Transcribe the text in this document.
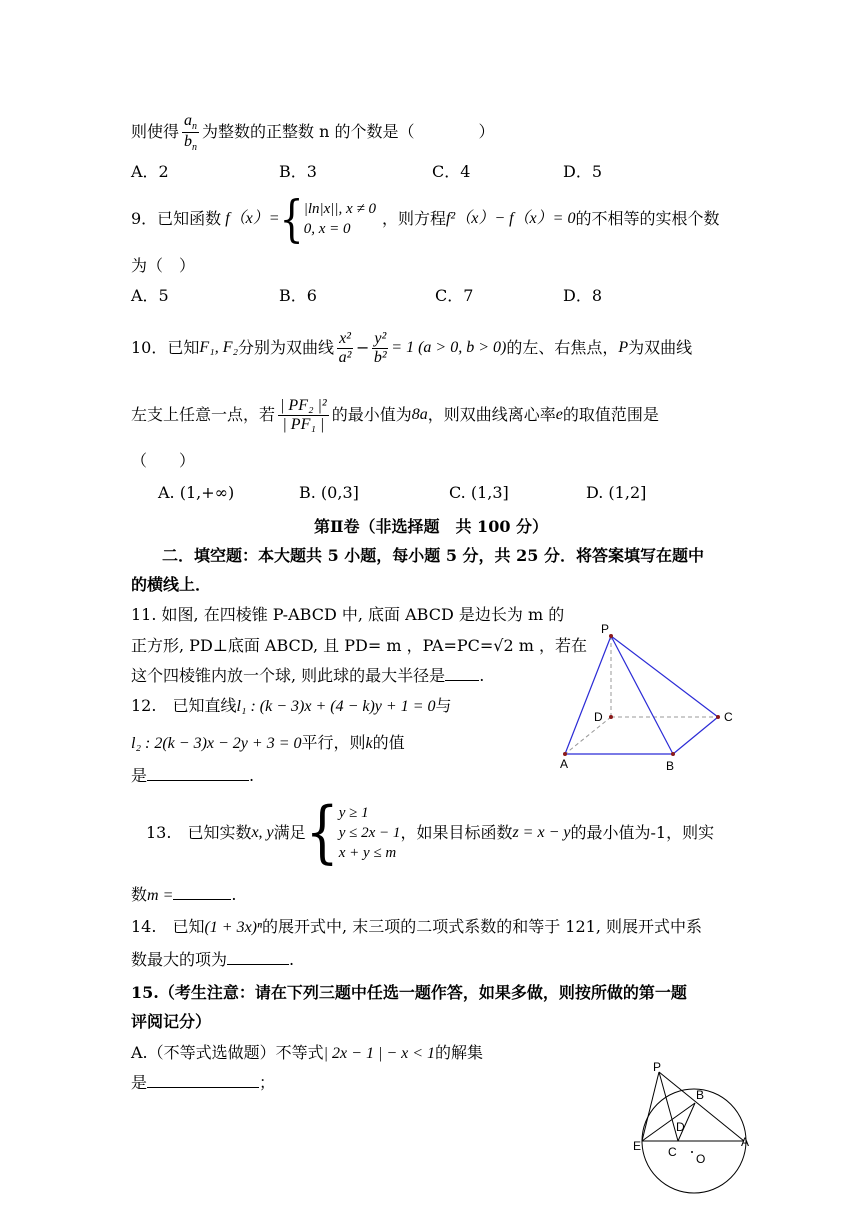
则使得 $\frac{a_n}{b_n}$ 为整数的正整数 n 的个数是（　　　　）
A．2	B．3	C．4	D．5
9．已知函数 f（x）= { |ln|x||, x ≠ 0
0, x = 0
，则方程 f²（x）− f（x）= 0 的不相等的实根个数
为（　）
A．5	B．6	C．7	D．8
10．已知 F₁, F₂ 分别为双曲线 $\frac{\text{x²}}{\text{a²}} - \frac{\text{y²}}{\text{b²}} = 1$ (a > 0, b > 0) 的左、右焦点， P 为双曲线
左支上任意一点，若 $\frac{\text{| PF₂ |²}}{\text{| PF₁ |}}$ 的最小值为 8a ，则双曲线离心率 e 的取值范围是
（　　）
A. (1,+∞)	B. (0,3]	C. (1,3]	D. (1,2]
第Ⅱ卷（非选择题　共 100 分）
二．填空题：本大题共 5 小题，每小题 5 分，共 25 分．将答案填写在题中
的横线上．
11. 如图, 在四棱锥 P-ABCD 中, 底面 ABCD 是边长为 m 的
正方形, PD⊥底面 ABCD, 且 PD= m ，PA=PC=√2 m ，若在
这个四棱锥内放一个球, 则此球的最大半径是 .
12.　已知直线l₁ : (k − 3)x + (4 − k)y + 1 = 0与
l₂ : 2(k − 3)x − 2y + 3 = 0平行，则k的值
是	.
13.　已知实数 x, y 满足 { y ≥ 1
y ≤ 2x − 1
x + y ≤ m
，如果目标函数 z = x − y 的最小值为-1，则实
数m =	.
14.　已知(1 + 3x)ⁿ的展开式中, 末三项的二项式系数的和等于 121, 则展开式中系
数最大的项为	.
15.（考生注意：请在下列三题中任选一题作答，如果多做，则按所做的第一题
评阅记分）
A.（不等式选做题）不等式| 2x − 1 | − x < 1的解集
是	；
P
D	C
A	B
P
B
D
E C O
A
